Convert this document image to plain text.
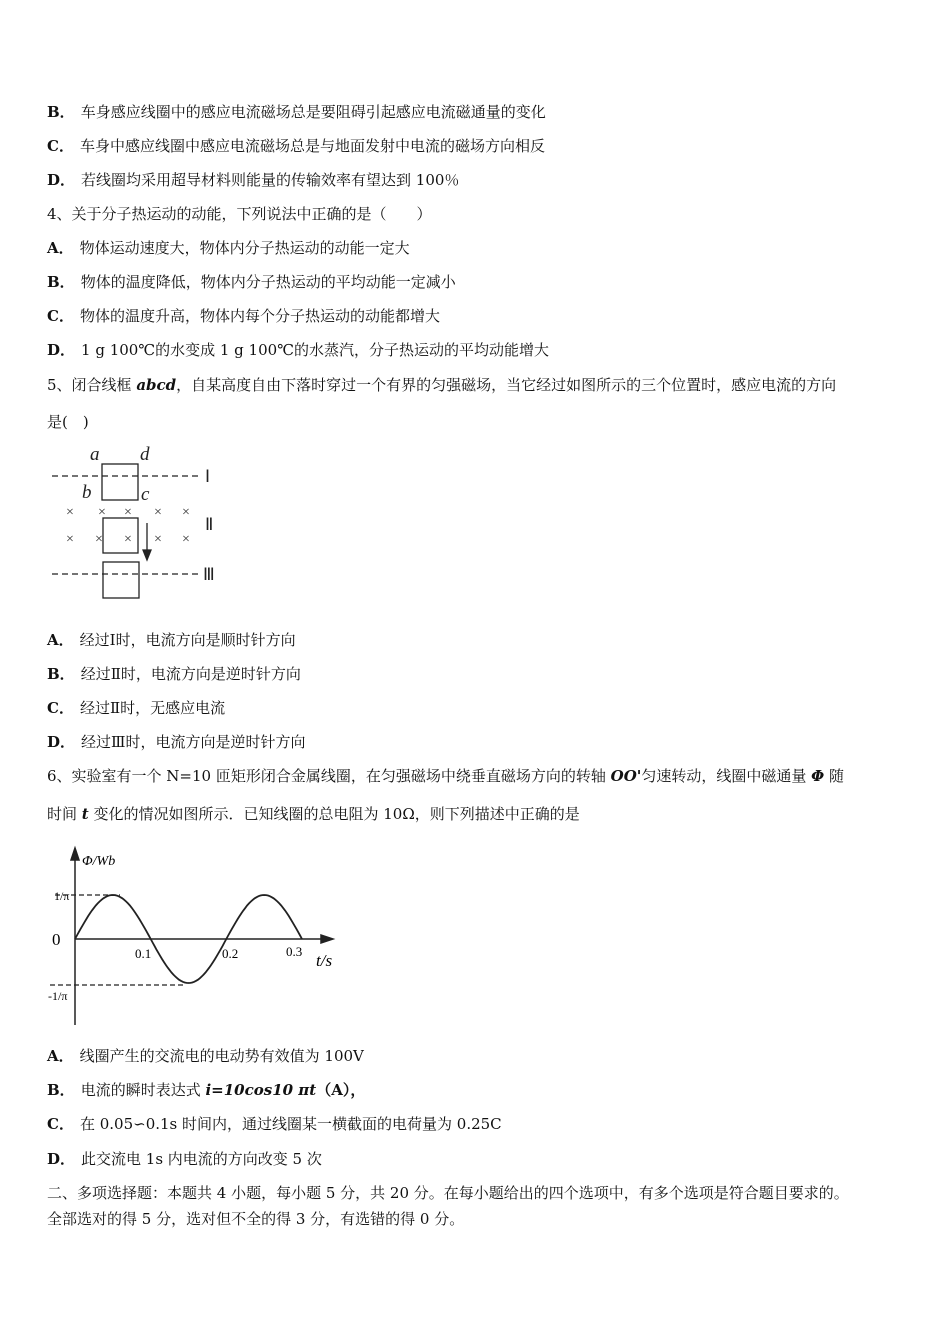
B． 车身感应线圈中的感应电流磁场总是要阻碍引起感应电流磁通量的变化
C． 车身中感应线圈中感应电流磁场总是与地面发射中电流的磁场方向相反
D． 若线圈均采用超导材料则能量的传输效率有望达到 100％
4、关于分子热运动的动能，下列说法中正确的是（　　）
A． 物体运动速度大，物体内分子热运动的动能一定大
B． 物体的温度降低，物体内分子热运动的平均动能一定减小
C． 物体的温度升高，物体内每个分子热运动的动能都增大
D． 1 g 100℃的水变成 1 g 100℃的水蒸汽，分子热运动的平均动能增大
5、闭合线框 abcd，自某高度自由下落时穿过一个有界的匀强磁场，当它经过如图所示的三个位置时，感应电流的方向
是(　)
× × × × ×
× × × × ×
a d
b	c
Ⅰ
Ⅱ
Ⅲ
A． 经过Ⅰ时，电流方向是顺时针方向
B． 经过Ⅱ时，电流方向是逆时针方向
C． 经过Ⅱ时，无感应电流
D． 经过Ⅲ时，电流方向是逆时针方向
6、实验室有一个 N=10 匝矩形闭合金属线圈，在匀强磁场中绕垂直磁场方向的转轴 OO'匀速转动，线圈中磁通量 Φ 随
时间 t 变化的情况如图所示．已知线圈的总电阻为 10Ω，则下列描述中正确的是
Φ/Wb
t/s
0.1	0.2	0.3
0
1/π
-1/π
A． 线圈产生的交流电的电动势有效值为 100V
B． 电流的瞬时表达式 i=10cos10 πt（A），
C． 在 0.05∽0.1s 时间内，通过线圈某一横截面的电荷量为 0.25C
D． 此交流电 1s 内电流的方向改变 5 次
二、多项选择题：本题共 4 小题，每小题 5 分，共 20 分。在每小题给出的四个选项中，有多个选项是符合题目要求的。
全部选对的得 5 分，选对但不全的得 3 分，有选错的得 0 分。
